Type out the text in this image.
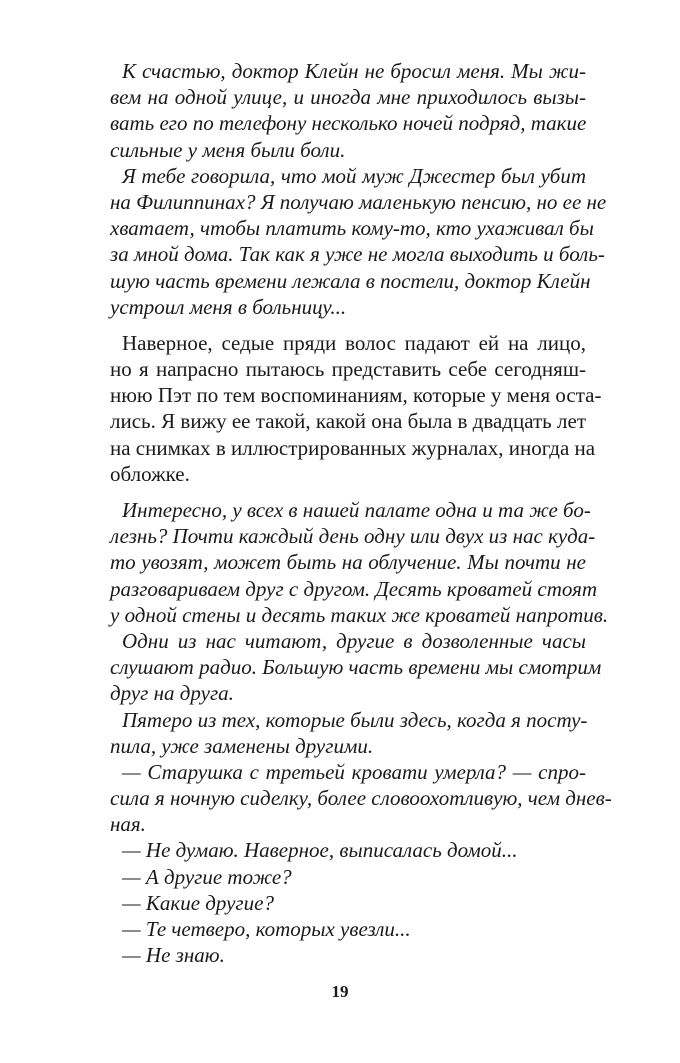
К счастью, доктор Клейн не бросил меня. Мы жи-
вем на одной улице, и иногда мне приходилось вызы-
вать его по телефону несколько ночей подряд, такие
сильные у меня были боли.
Я тебе говорила, что мой муж Джестер был убит
на Филиппинах? Я получаю маленькую пенсию, но ее не
хватает, чтобы платить кому-то, кто ухаживал бы
за мной дома. Так как я уже не могла выходить и боль-
шую часть времени лежала в постели, доктор Клейн
устроил меня в больницу...
Наверное, седые пряди волос падают ей на лицо,
но я напрасно пытаюсь представить себе сегодняш-
нюю Пэт по тем воспоминаниям, которые у меня оста-
лись. Я вижу ее такой, какой она была в двадцать лет
на снимках в иллюстрированных журналах, иногда на
обложке.
Интересно, у всех в нашей палате одна и та же бо-
лезнь? Почти каждый день одну или двух из нас куда-
то увозят, может быть на облучение. Мы почти не
разговариваем друг с другом. Десять кроватей стоят
у одной стены и десять таких же кроватей напротив.
Одни из нас читают, другие в дозволенные часы
слушают радио. Большую часть времени мы смотрим
друг на друга.
Пятеро из тех, которые были здесь, когда я посту-
пила, уже заменены другими.
— Старушка с третьей кровати умерла? — спро-
сила я ночную сиделку, более словоохотливую, чем днев-
ная.
— Не думаю. Наверное, выписалась домой...
— А другие тоже?
— Какие другие?
— Те четверо, которых увезли...
— Не знаю.
19
